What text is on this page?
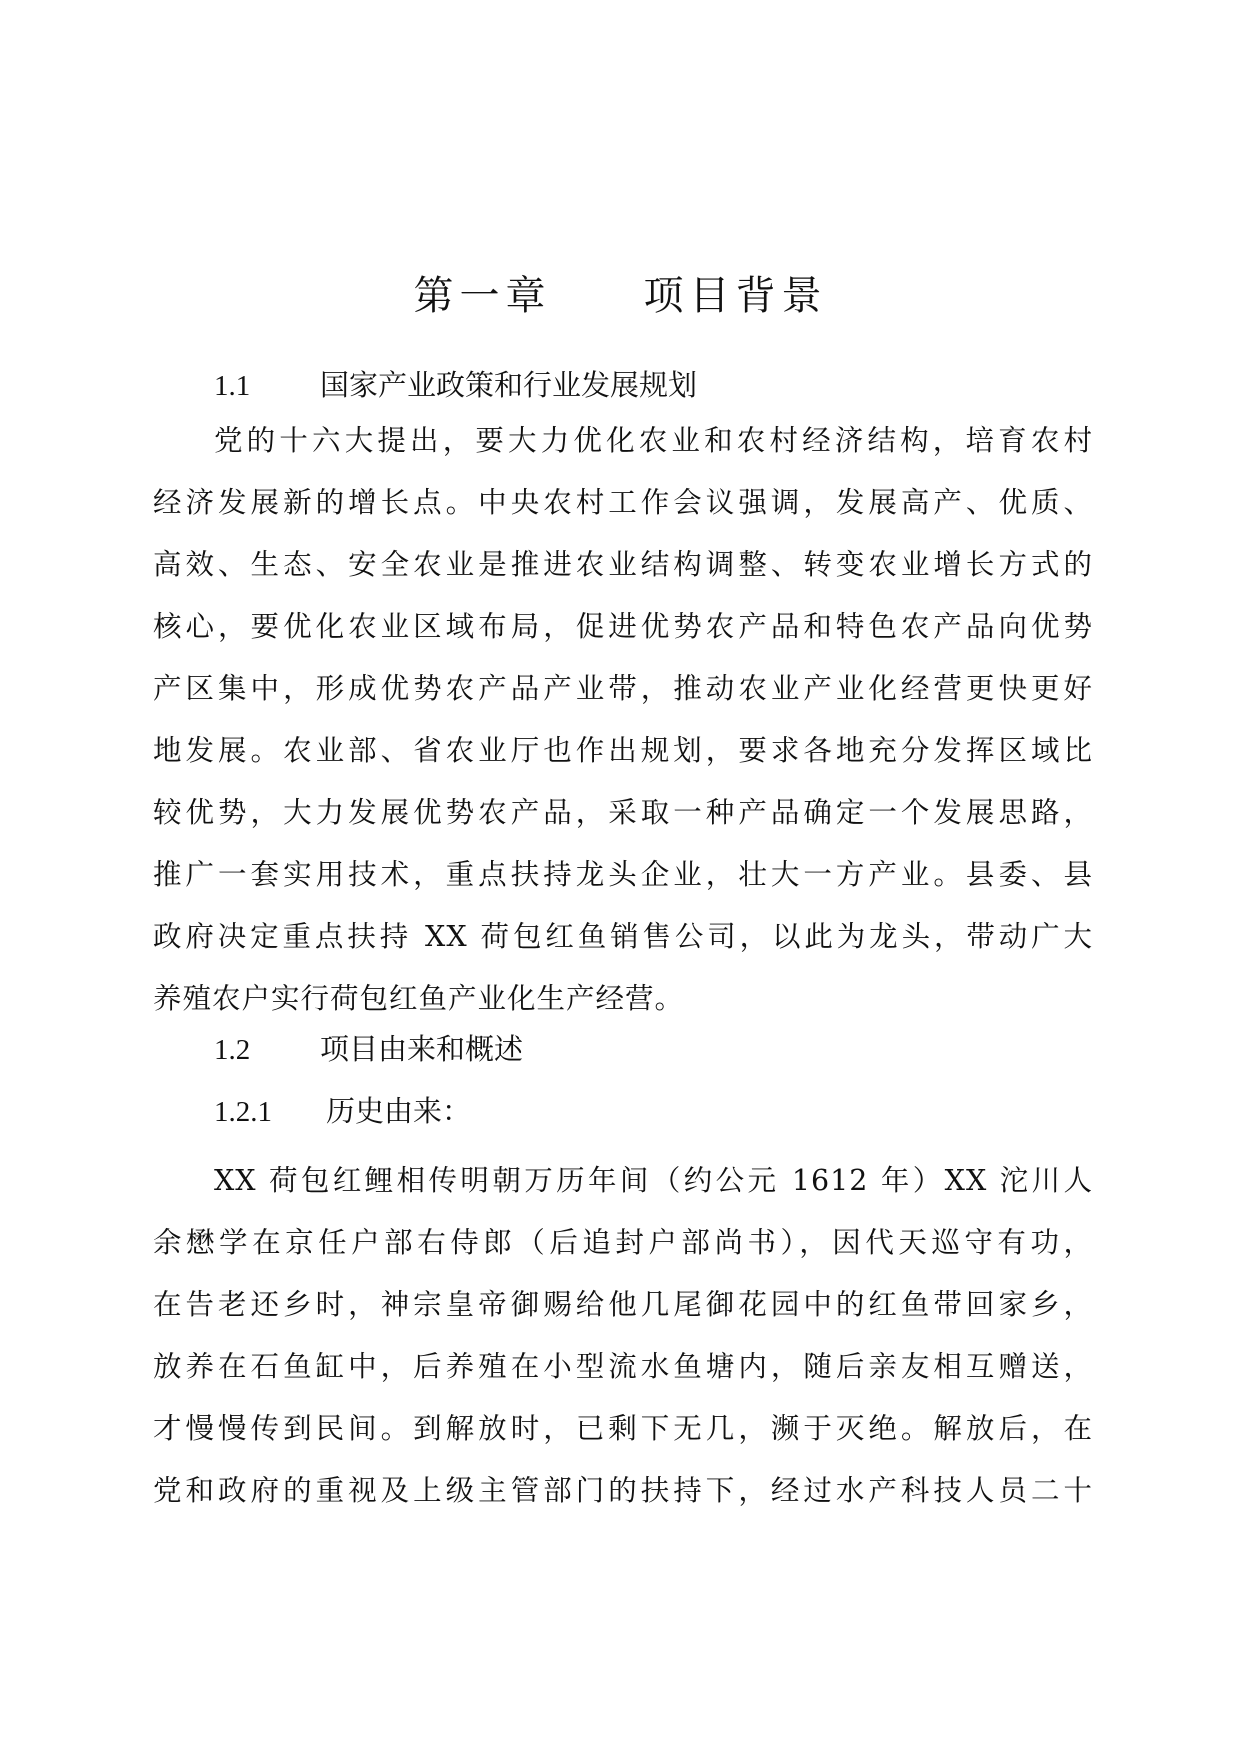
第一章　　项目背景
1.1 国家产业政策和行业发展规划
党的十六大提出，要大力优化农业和农村经济结构，培育农村
经济发展新的增长点。中央农村工作会议强调，发展高产、优质、
高效、生态、安全农业是推进农业结构调整、转变农业增长方式的
核心，要优化农业区域布局，促进优势农产品和特色农产品向优势
产区集中，形成优势农产品产业带，推动农业产业化经营更快更好
地发展。农业部、省农业厅也作出规划，要求各地充分发挥区域比
较优势，大力发展优势农产品，采取一种产品确定一个发展思路，
推广一套实用技术，重点扶持龙头企业，壮大一方产业。县委、县
政府决定重点扶持 XX 荷包红鱼销售公司，以此为龙头，带动广大
养殖农户实行荷包红鱼产业化生产经营。
1.2 项目由来和概述
1.2.1 历史由来：
XX 荷包红鲤相传明朝万历年间（约公元 1612 年）XX 沱川人
余懋学在京任户部右侍郎（后追封户部尚书），因代天巡守有功，
在告老还乡时，神宗皇帝御赐给他几尾御花园中的红鱼带回家乡，
放养在石鱼缸中，后养殖在小型流水鱼塘内，随后亲友相互赠送，
才慢慢传到民间。到解放时，已剩下无几，濒于灭绝。解放后，在
党和政府的重视及上级主管部门的扶持下，经过水产科技人员二十
